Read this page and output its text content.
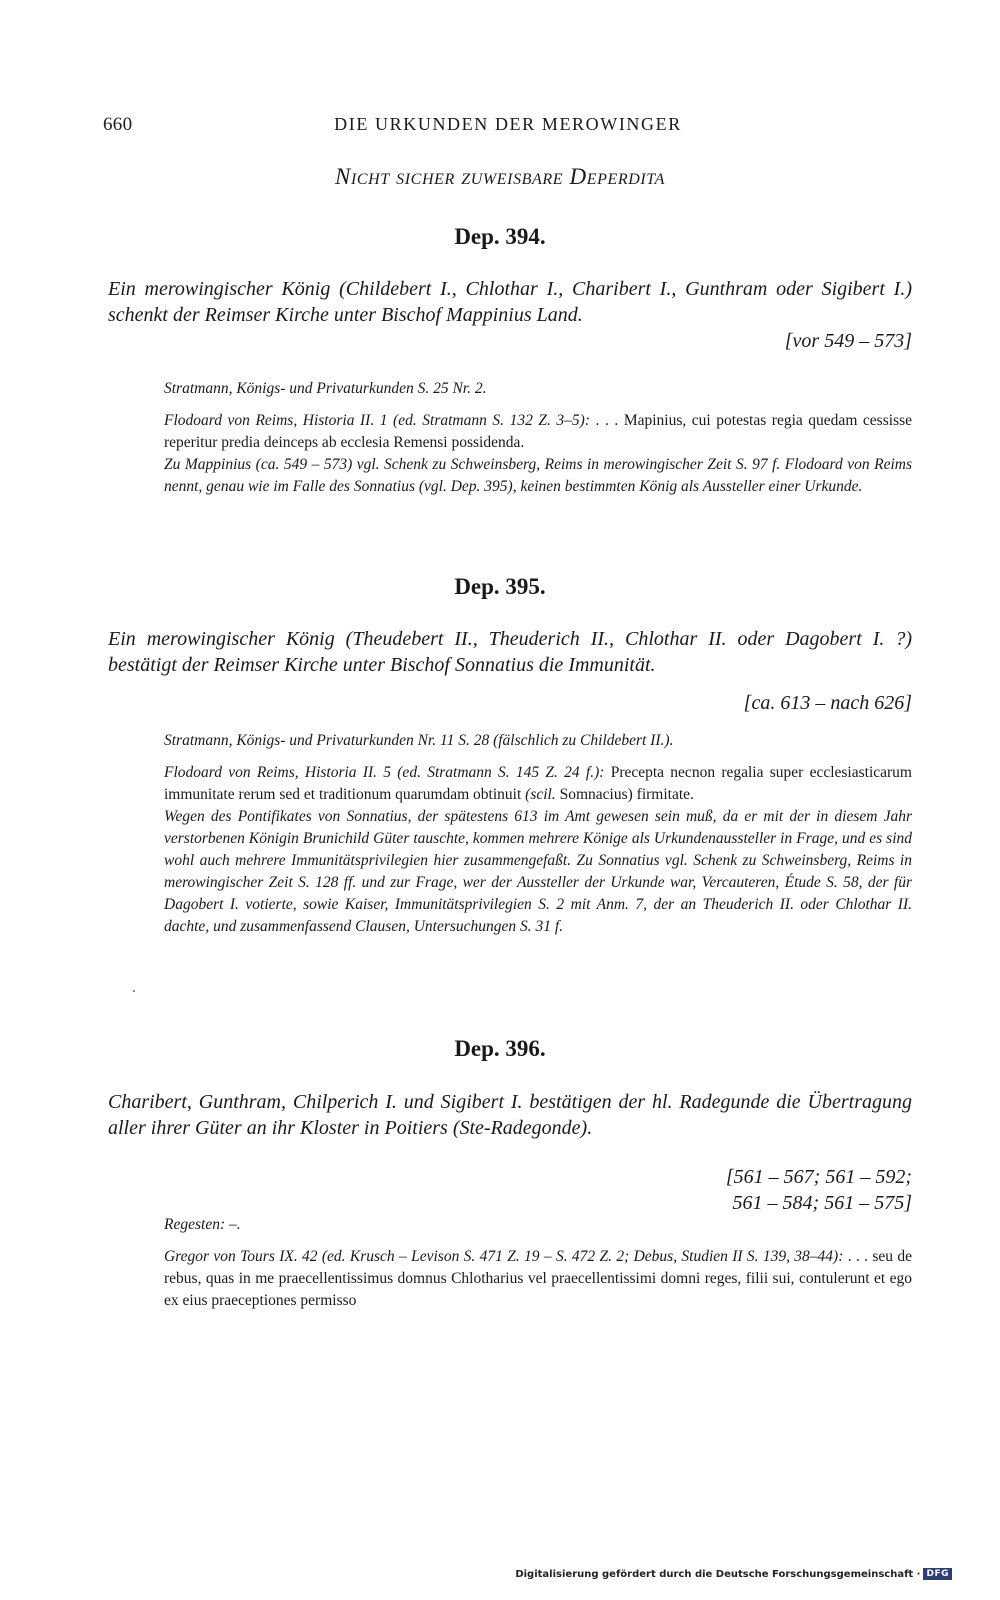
660	DIE URKUNDEN DER MEROWINGER
Nicht sicher zuweisbare Deperdita
Dep. 394.
Ein merowingischer König (Childebert I., Chlothar I., Charibert I., Gunthram oder Sigibert I.) schenkt der Reimser Kirche unter Bischof Mappinius Land.
[vor 549 – 573]

Stratmann, Königs- und Privaturkunden S. 25 Nr. 2.

Flodoard von Reims, Historia II. 1 (ed. Stratmann S. 132 Z. 3–5): . . . Mapinius, cui potestas regia quedam cessisse reperitur predia deinceps ab ecclesia Remensi possidenda.

Zu Mappinius (ca. 549 – 573) vgl. Schenk zu Schweinsberg, Reims in merowingischer Zeit S. 97 f. Flodoard von Reims nennt, genau wie im Falle des Sonnatius (vgl. Dep. 395), keinen bestimmten König als Aussteller einer Urkunde.

Dep. 395.
Ein merowingischer König (Theudebert II., Theuderich II., Chlothar II. oder Dagobert I. ?) bestätigt der Reimser Kirche unter Bischof Sonnatius die Immunität.
[ca. 613 – nach 626]

Stratmann, Königs- und Privaturkunden Nr. 11 S. 28 (fälschlich zu Childebert II.).

Flodoard von Reims, Historia II. 5 (ed. Stratmann S. 145 Z. 24 f.): Precepta necnon regalia super ecclesiasticarum immunitate rerum sed et traditionum quarumdam obtinuit (scil. Somnacius) firmitate.

Wegen des Pontifikates von Sonnatius, der spätestens 613 im Amt gewesen sein muß, da er mit der in diesem Jahr verstorbenen Königin Brunichild Güter tauschte, kommen mehrere Könige als Urkundenaussteller in Frage, und es sind wohl auch mehrere Immunitätsprivilegien hier zusammengefaßt. Zu Sonnatius vgl. Schenk zu Schweinsberg, Reims in merowingischer Zeit S. 128 ff. und zur Frage, wer der Aussteller der Urkunde war, Vercauteren, Étude S. 58, der für Dagobert I. votierte, sowie Kaiser, Immunitätsprivilegien S. 2 mit Anm. 7, der an Theuderich II. oder Chlothar II. dachte, und zusammenfassend Clausen, Untersuchungen S. 31 f.

Dep. 396.
Charibert, Gunthram, Chilperich I. und Sigibert I. bestätigen der hl. Radegunde die Übertragung aller ihrer Güter an ihr Kloster in Poitiers (Ste-Radegonde).
[561 – 567; 561 – 592;
561 – 584; 561 – 575]

Regesten: –.

Gregor von Tours IX. 42 (ed. Krusch – Levison S. 471 Z. 19 – S. 472 Z. 2; Debus, Studien II S. 139, 38–44): . . . seu de rebus, quas in me praecellentissimus domnus Chlotharius vel praecellentissimi domni reges, filii sui, contulerunt et ego ex eius praeceptiones permisso

Digitalisierung gefördert durch die Deutsche Forschungsgemeinschaft · DFG
